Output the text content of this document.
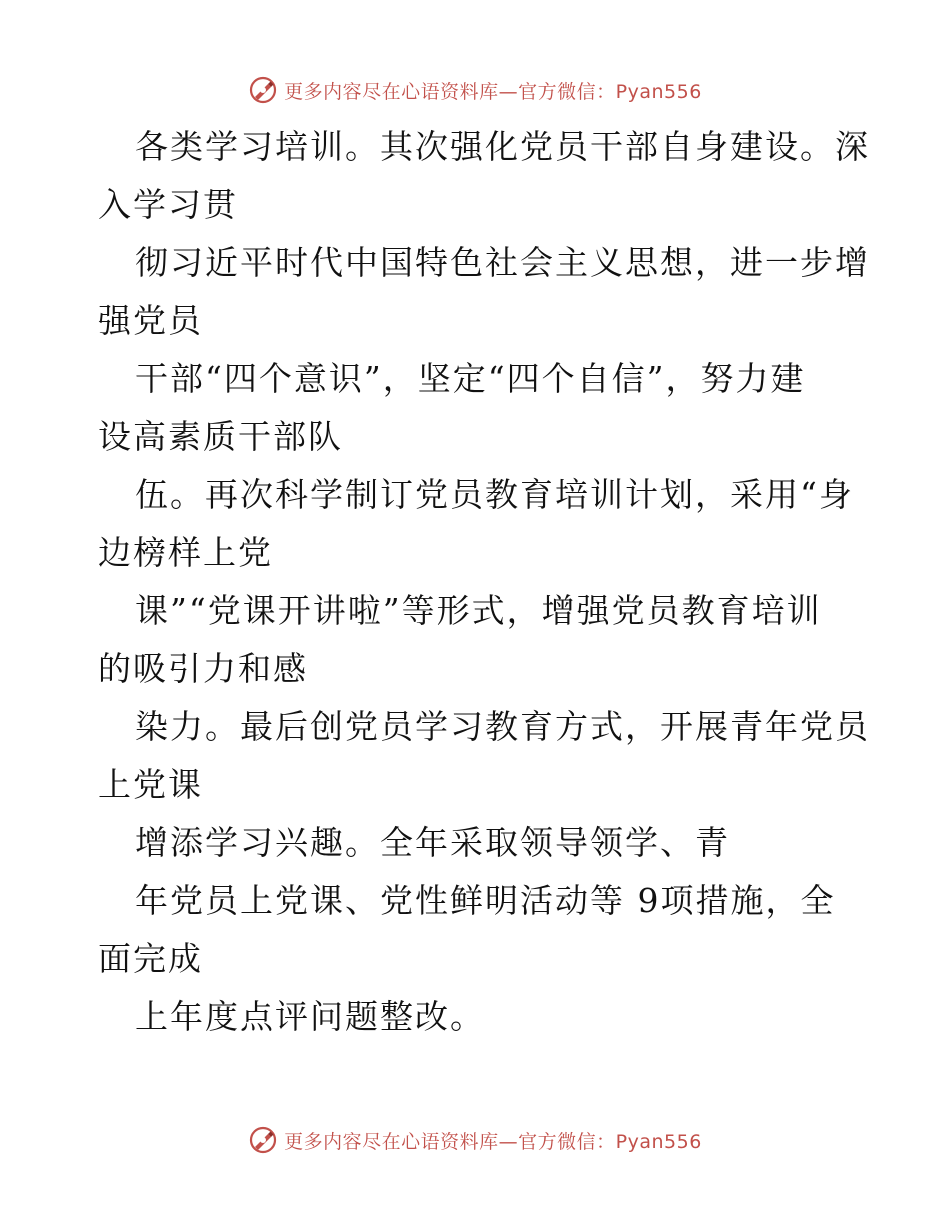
更多内容尽在心语资料库—官方微信：Pyan556
各类学习培训。其次强化党员干部自身建设。深
入学习贯
彻习近平时代中国特色社会主义思想，进一步增
强党员
干部“四个意识”，坚定“四个自信”，努力建
设高素质干部队
伍。再次科学制订党员教育培训计划，采用“身
边榜样上党
课”“党课开讲啦”等形式，增强党员教育培训
的吸引力和感
染力。最后创党员学习教育方式，开展青年党员
上党课
增添学习兴趣。全年采取领导领学、青
年党员上党课、党性鲜明活动等 9项措施，全
面完成
上年度点评问题整改。
更多内容尽在心语资料库—官方微信：Pyan556
